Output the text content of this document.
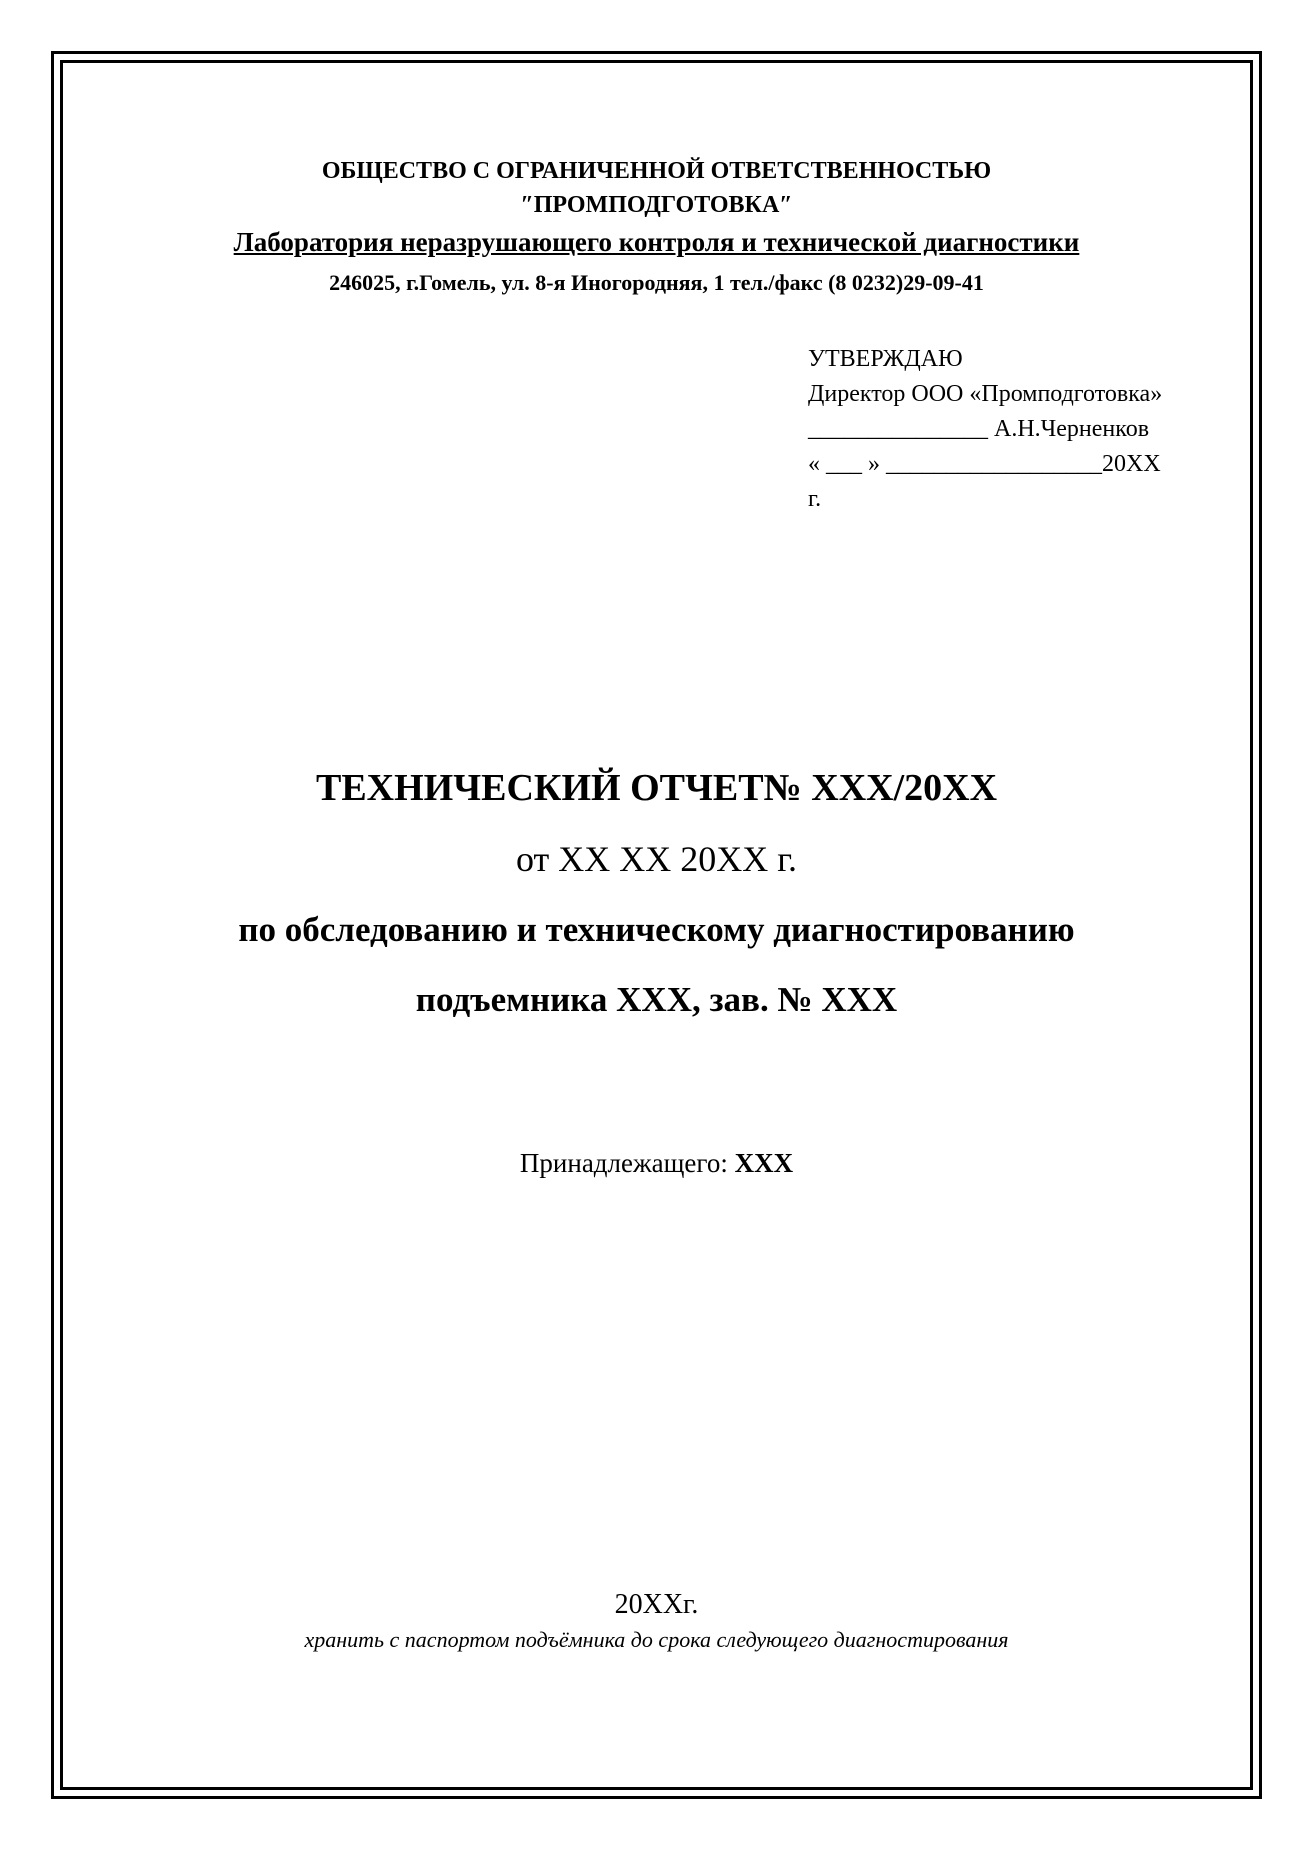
ОБЩЕСТВО С ОГРАНИЧЕННОЙ ОТВЕТСТВЕННОСТЬЮ
″ПРОМПОДГОТОВКА″
Лаборатория неразрушающего контроля и технической диагностики
246025, г.Гомель, ул. 8-я Иногородняя, 1 тел./факс (8 0232)29-09-41
УТВЕРЖДАЮ
Директор ООО «Промподготовка»
_______________ А.Н.Черненков
« ___ » __________________20ХХ
г.
ТЕХНИЧЕСКИЙ ОТЧЕТ№ ХХХ/20ХХ
от ХХ ХХ 20ХХ г.
по обследованию и техническому диагностированию
подъемника ХХХ, зав. № ХХХ
Принадлежащего: ХХХ
20ХХг.
хранить с паспортом подъёмника до срока следующего диагностирования
